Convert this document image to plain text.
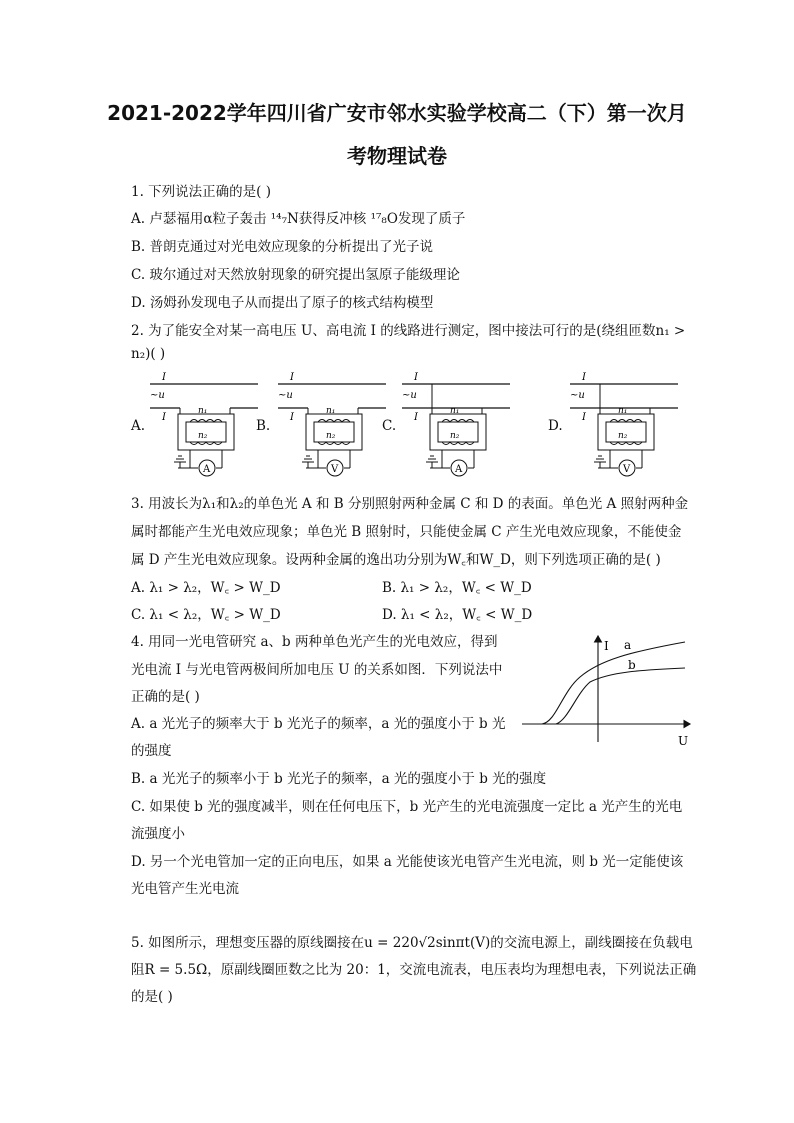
2021-2022学年四川省广安市邻水实验学校高二（下）第一次月
考物理试卷
1. 下列说法正确的是( )
A. 卢瑟福用α粒子轰击 ¹⁴₇N获得反冲核 ¹⁷₈O发现了质子
B. 普朗克通过对光电效应现象的分析提出了光子说
C. 玻尔通过对天然放射现象的研究提出氢原子能级理论
D. 汤姆孙发现电子从而提出了原子的核式结构模型
2. 为了能安全对某一高电压 U、高电流 I 的线路进行测定，图中接法可行的是(绕组匝数n₁ >
n₂)( )
A.	B.	C.	D.
I
~u
I
n₁
n₂
A
I
~u
I
n₁
n₂
V
I
~u
I
n₁
n₂
A
I
~u
I
n₁
n₂
V
3. 用波长为λ₁和λ₂的单色光 A 和 B 分别照射两种金属 C 和 D 的表面。单色光 A 照射两种金
属时都能产生光电效应现象；单色光 B 照射时，只能使金属 C 产生光电效应现象，不能使金
属 D 产生光电效应现象。设两种金属的逸出功分别为W꜀和W_D，则下列选项正确的是( )
A. λ₁ > λ₂，W꜀ > W_D	B. λ₁ > λ₂，W꜀ < W_D
C. λ₁ < λ₂，W꜀ > W_D	D. λ₁ < λ₂，W꜀ < W_D
4. 用同一光电管研究 a、b 两种单色光产生的光电效应，得到
光电流 I 与光电管两极间所加电压 U 的关系如图．下列说法中
正确的是( )
A. a 光光子的频率大于 b 光光子的频率，a 光的强度小于 b 光
的强度
B. a 光光子的频率小于 b 光光子的频率，a 光的强度小于 b 光的强度
C. 如果使 b 光的强度减半，则在任何电压下，b 光产生的光电流强度一定比 a 光产生的光电
流强度小
D. 另一个光电管加一定的正向电压，如果 a 光能使该光电管产生光电流，则 b 光一定能使该
光电管产生光电流
I
U
a
b
5. 如图所示，理想变压器的原线圈接在u = 220√2sinπt(V)的交流电源上，副线圈接在负载电
阻R = 5.5Ω，原副线圈匝数之比为 20：1，交流电流表，电压表均为理想电表，下列说法正确
的是( )
